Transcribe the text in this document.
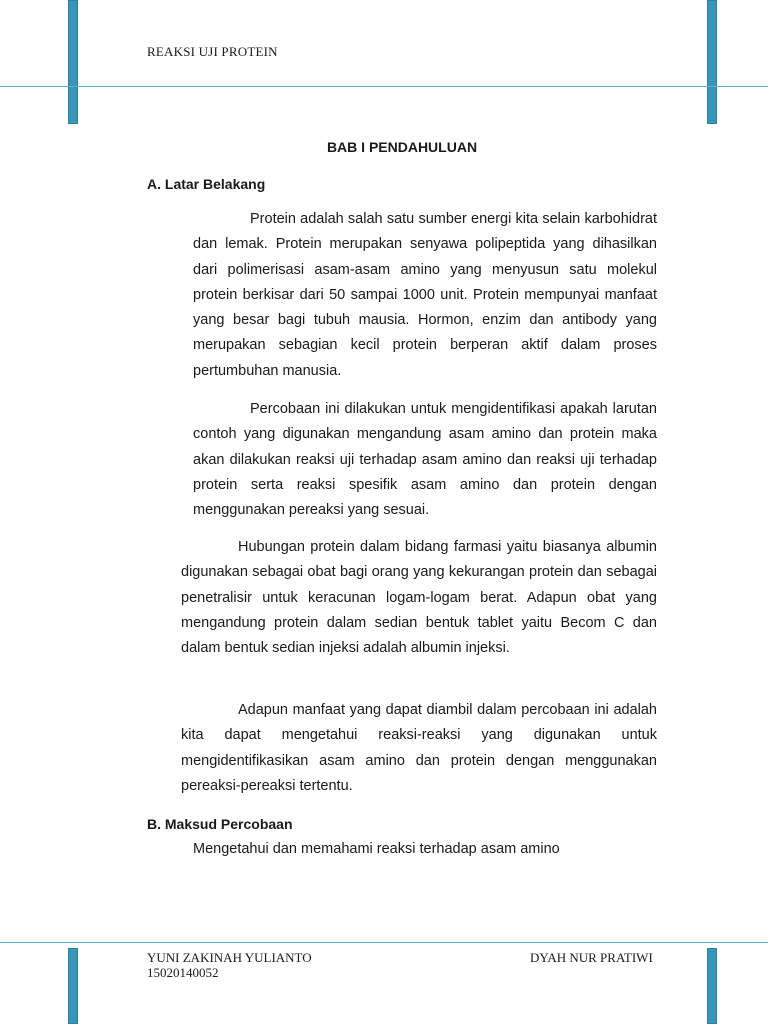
REAKSI UJI PROTEIN
BAB I PENDAHULUAN
A. Latar Belakang

Protein adalah salah satu sumber energi kita selain karbohidrat dan lemak. Protein merupakan senyawa polipeptida yang dihasilkan dari polimerisasi asam-asam amino yang menyusun satu molekul protein berkisar dari 50 sampai 1000 unit. Protein mempunyai manfaat yang besar bagi tubuh mausia. Hormon, enzim dan antibody yang merupakan sebagian kecil protein berperan aktif dalam proses pertumbuhan manusia.

Percobaan ini dilakukan untuk mengidentifikasi apakah larutan contoh yang digunakan mengandung asam amino dan protein maka akan dilakukan reaksi uji terhadap asam amino dan reaksi uji terhadap protein serta reaksi spesifik asam amino dan protein dengan menggunakan pereaksi yang sesuai.

Hubungan protein dalam bidang farmasi yaitu biasanya albumin digunakan sebagai obat bagi orang yang kekurangan protein dan sebagai penetralisir untuk keracunan logam-logam berat. Adapun obat yang mengandung protein dalam sedian bentuk tablet yaitu Becom C dan dalam bentuk sedian injeksi adalah albumin injeksi.

Adapun manfaat yang dapat diambil dalam percobaan ini adalah kita dapat mengetahui reaksi-reaksi yang digunakan untuk mengidentifikasikan asam amino dan protein dengan menggunakan pereaksi-pereaksi tertentu.

B. Maksud Percobaan

Mengetahui dan memahami reaksi terhadap asam amino

YUNI ZAKINAH YULIANTO
15020140052
DYAH NUR PRATIWI
